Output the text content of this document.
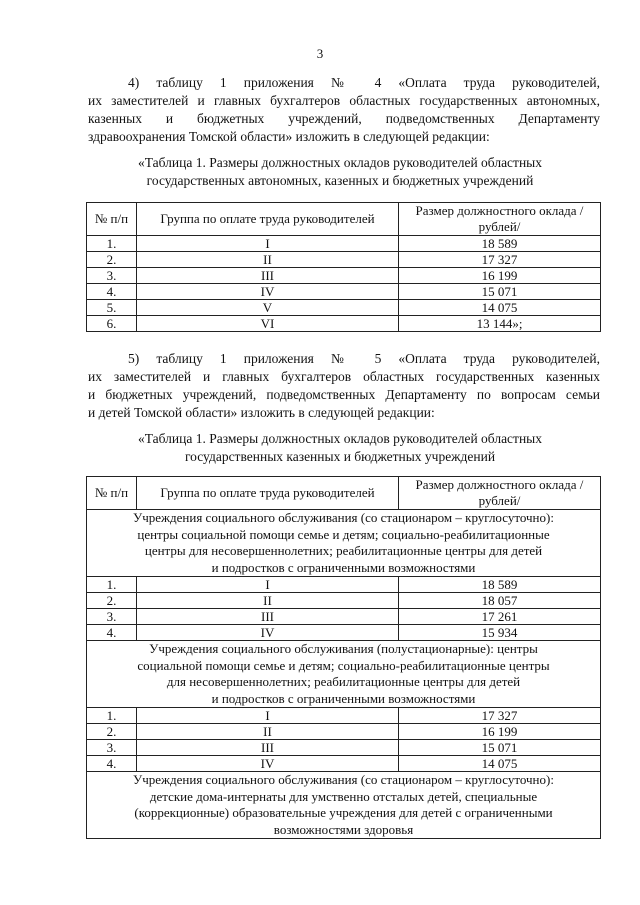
3

4) таблицу 1 приложения № 4 «Оплата труда руководителей,
их заместителей и главных бухгалтеров областных государственных автономных,
казенных и бюджетных учреждений, подведомственных Департаменту
здравоохранения Томской области» изложить в следующей редакции:

«Таблица 1. Размеры должностных окладов руководителей областных
государственных автономных, казенных и бюджетных учреждений
№ п/п	Группа по оплате труда руководителей	Размер должностного оклада /рублей/
1.	I	18 589
2.	II	17 327
3.	III	16 199
4.	IV	15 071
5.	V	14 075
6.	VI	13 144»;

5) таблицу 1 приложения № 5 «Оплата труда руководителей,
их заместителей и главных бухгалтеров областных государственных казенных
и бюджетных учреждений, подведомственных Департаменту по вопросам семьи
и детей Томской области» изложить в следующей редакции:

«Таблица 1. Размеры должностных окладов руководителей областных
государственных казенных и бюджетных учреждений
№ п/п	Группа по оплате труда руководителей	Размер должностного оклада /рублей/

Учреждения социального обслуживания (со стационаром – круглосуточно):
центры социальной помощи семье и детям; социально-реабилитационные
центры для несовершеннолетних; реабилитационные центры для детей
и подростков с ограниченными возможностями		

1.	I	18 589
2.	II	18 057
3.	III	17 261
4.	IV	15 934

Учреждения социального обслуживания (полустационарные): центры
социальной помощи семье и детям; социально-реабилитационные центры
для несовершеннолетних; реабилитационные центры для детей
и подростков с ограниченными возможностями		

1.	I	17 327
2.	II	16 199
3.	III	15 071
4.	IV	14 075

Учреждения социального обслуживания (со стационаром – круглосуточно):
детские дома-интернаты для умственно отсталых детей, специальные
(коррекционные) образовательные учреждения для детей с ограниченными
возможностями здоровья		
